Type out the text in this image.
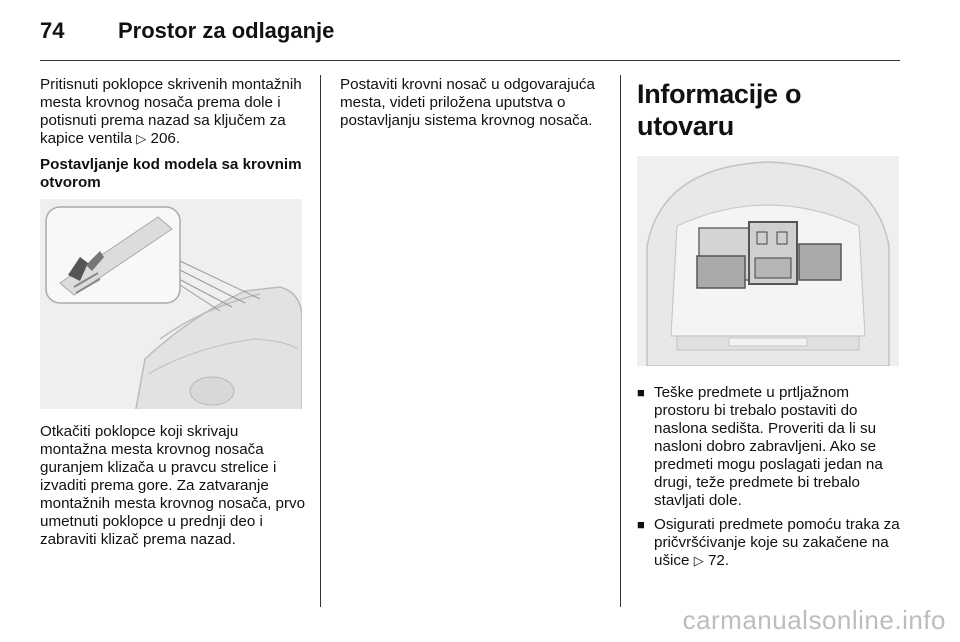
74 Prostor za odlaganje

Pritisnuti poklopce skrivenih montažnih mesta krovnog nosača prema dole i potisnuti prema nazad sa ključem za kapice ventila ▷ 206.

Postavljanje kod modela sa krovnim otvorom

Otkačiti poklopce koji skrivaju montažna mesta krovnog nosača guranjem klizača u pravcu strelice i izvaditi prema gore. Za zatvaranje montažnih mesta krovnog nosača, prvo umetnuti poklopce u prednji deo i zabraviti klizač prema nazad.

Postaviti krovni nosač u odgovarajuća mesta, videti priložena uputstva o postavljanju sistema krovnog nosača.

Informacije o utovaru
■ Teške predmete u prtljažnom prostoru bi trebalo postaviti do naslona sedišta. Proveriti da li su nasloni dobro zabravljeni. Ako se predmeti mogu poslagati jedan na drugi, teže predmete bi trebalo stavljati dole.
■ Osigurati predmete pomoću traka za pričvršćivanje koje su zakačene na ušice ▷ 72.
carmanualsonline.info
